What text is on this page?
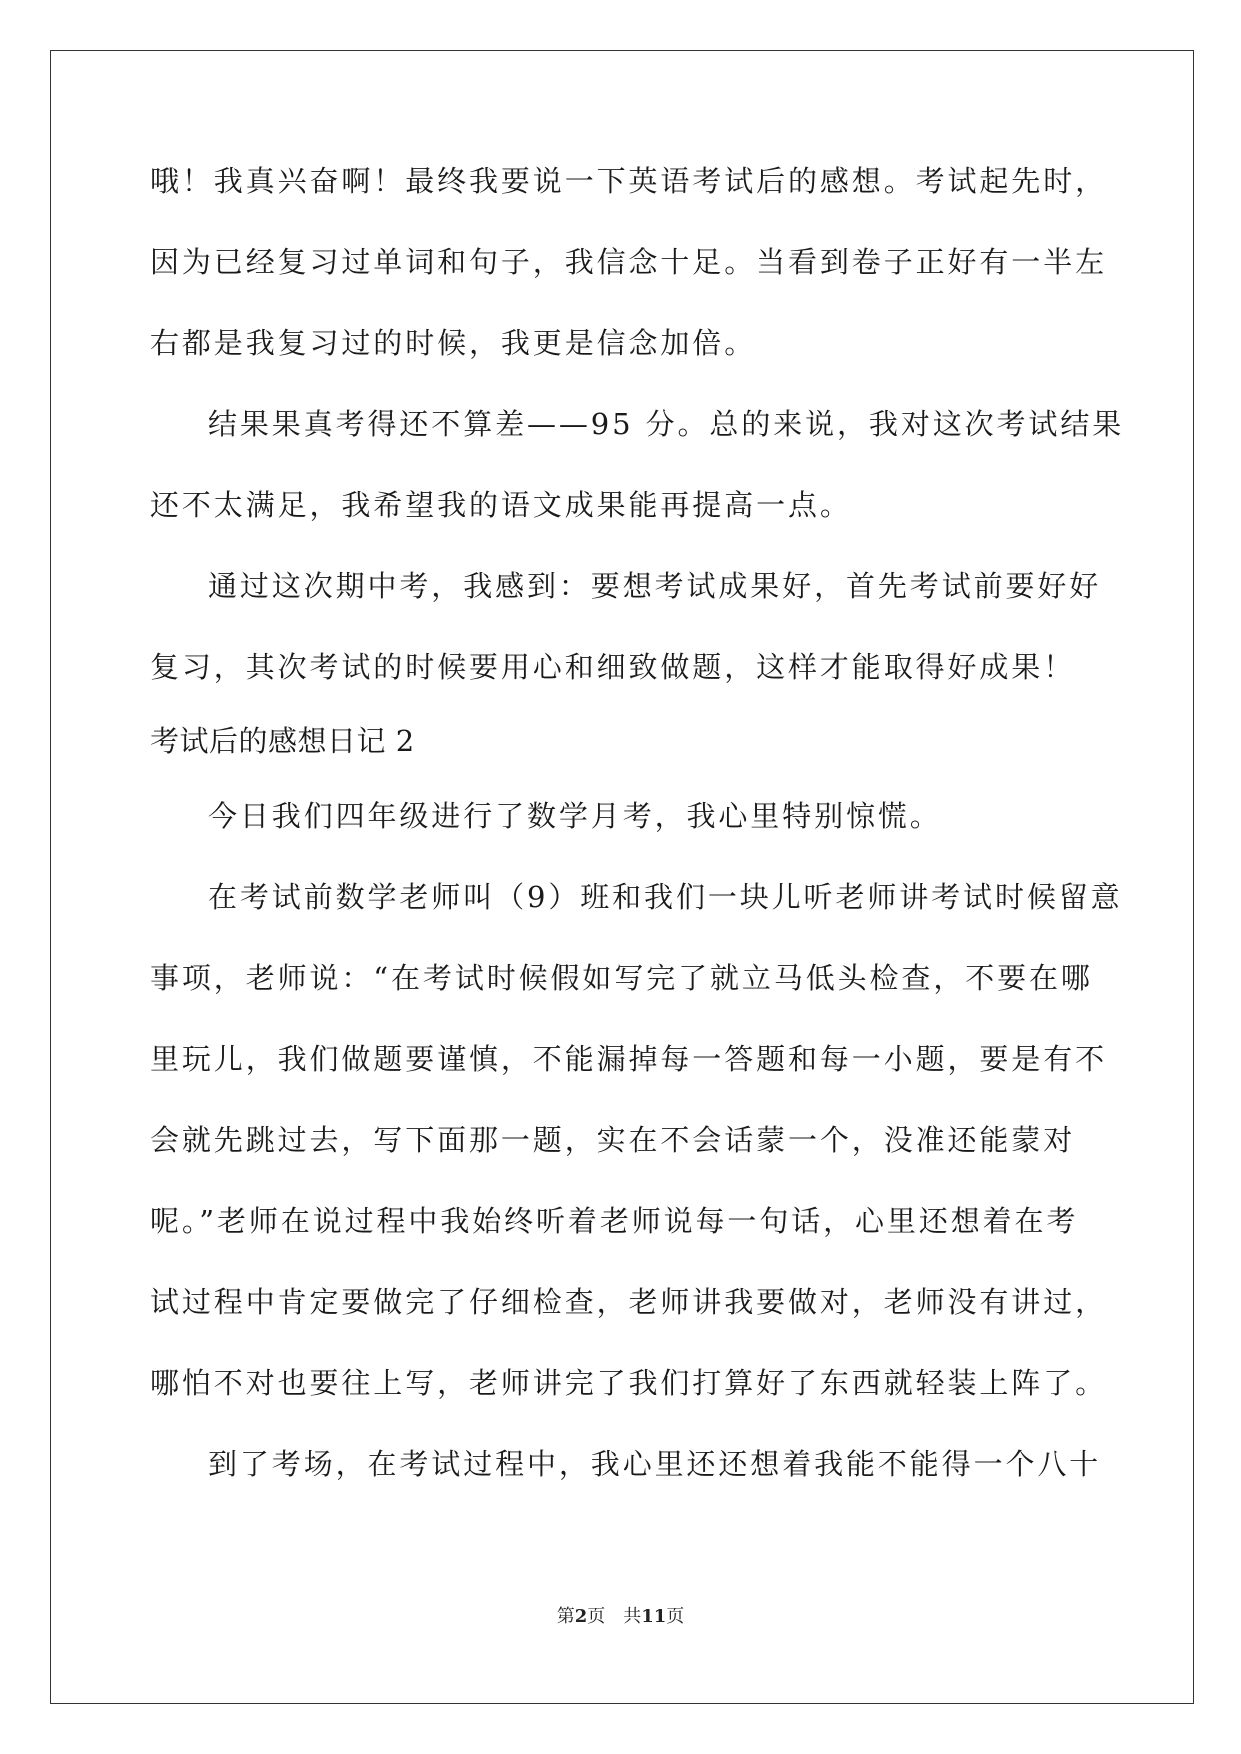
哦！我真兴奋啊！最终我要说一下英语考试后的感想。考试起先时，
因为已经复习过单词和句子，我信念十足。当看到卷子正好有一半左
右都是我复习过的时候，我更是信念加倍。
结果果真考得还不算差——95 分。总的来说，我对这次考试结果
还不太满足，我希望我的语文成果能再提高一点。
通过这次期中考，我感到：要想考试成果好，首先考试前要好好
复习，其次考试的时候要用心和细致做题，这样才能取得好成果！
考试后的感想日记 2
今日我们四年级进行了数学月考，我心里特别惊慌。
在考试前数学老师叫（9）班和我们一块儿听老师讲考试时候留意
事项，老师说：“在考试时候假如写完了就立马低头检查，不要在哪
里玩儿，我们做题要谨慎，不能漏掉每一答题和每一小题，要是有不
会就先跳过去，写下面那一题，实在不会话蒙一个，没准还能蒙对
呢。”老师在说过程中我始终听着老师说每一句话，心里还想着在考
试过程中肯定要做完了仔细检查，老师讲我要做对，老师没有讲过，
哪怕不对也要往上写，老师讲完了我们打算好了东西就轻装上阵了。
到了考场，在考试过程中，我心里还还想着我能不能得一个八十
第2页 共11页
